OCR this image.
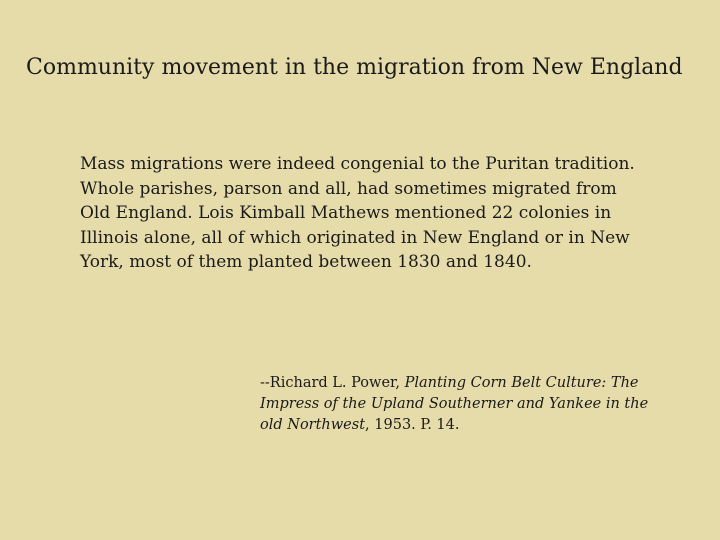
Community movement in the migration from New England

Mass migrations were indeed congenial to the Puritan tradition. Whole parishes, parson and all, had sometimes migrated from Old England. Lois Kimball Mathews mentioned 22 colonies in Illinois alone, all of which originated in New England or in New York, most of them planted between 1830 and 1840.

--Richard L. Power, Planting Corn Belt Culture: The Impress of the Upland Southerner and Yankee in the old Northwest, 1953. P. 14.
